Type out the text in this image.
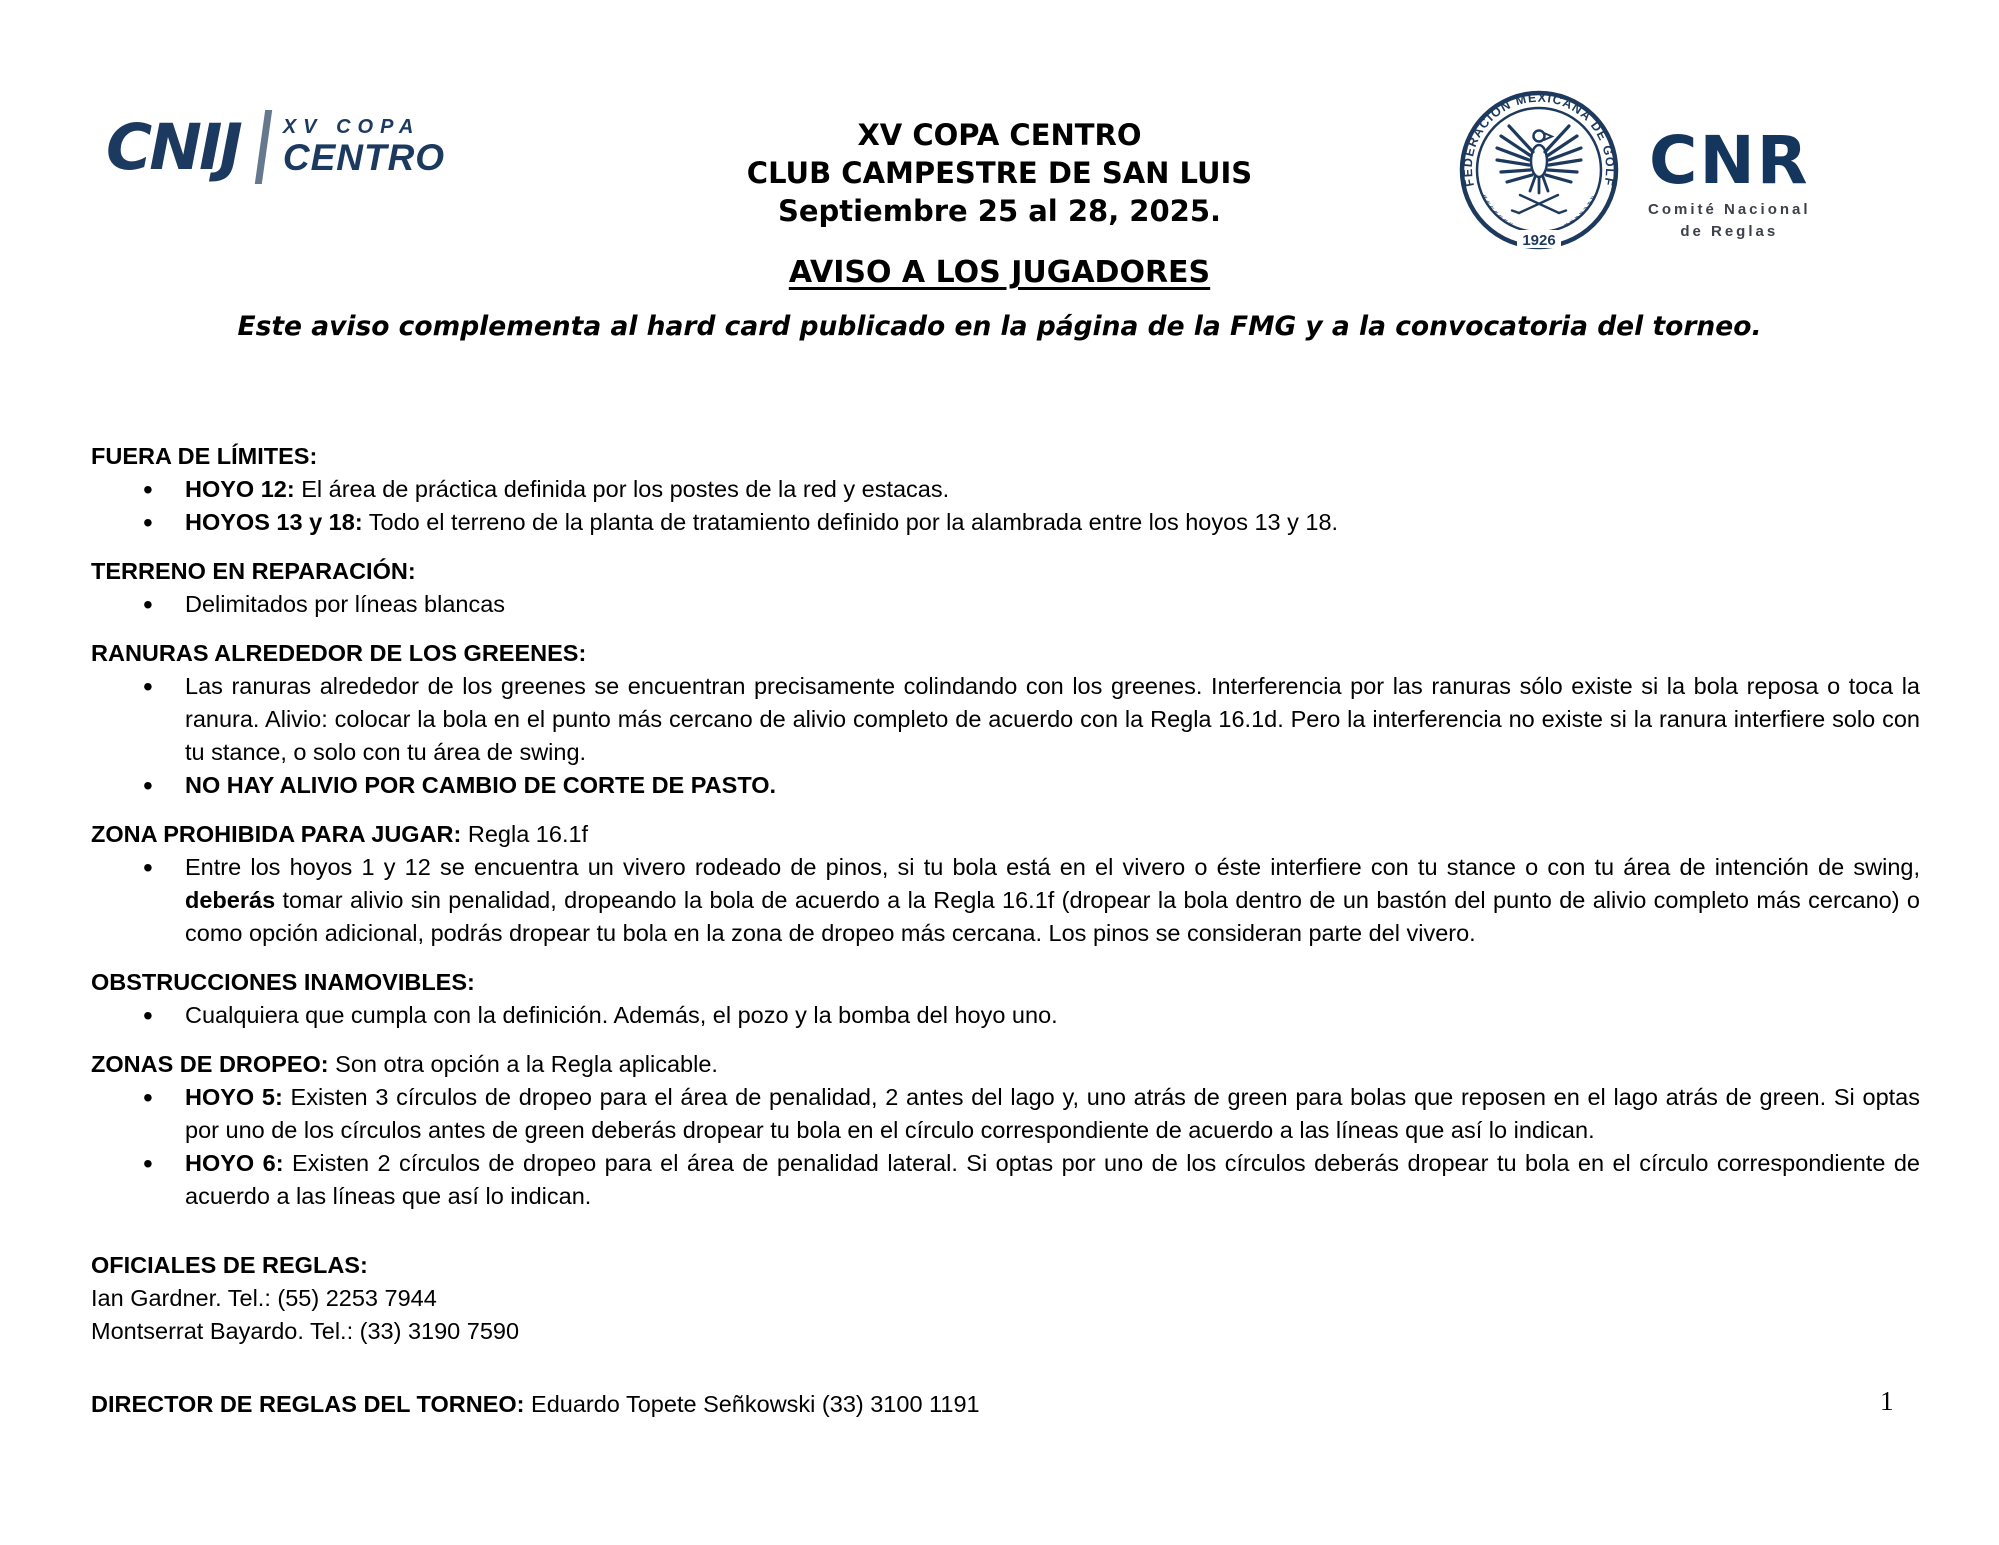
CNIJ XV COPA
CENTRO
XV COPA CENTRO
CLUB CAMPESTRE DE SAN LUIS
Septiembre 25 al 28, 2025.
FEDERACIÓN MEXICANA DE GOLF
«««««««	»»»»»»»
1926
CNR
Comité Nacional
de Reglas
AVISO A LOS JUGADORES
Este aviso complementa al hard card publicado en la página de la FMG y a la convocatoria del torneo.
FUERA DE LÍMITES:
• HOYO 12: El área de práctica definida por los postes de la red y estacas.
• HOYOS 13 y 18: Todo el terreno de la planta de tratamiento definido por la alambrada entre los hoyos 13 y 18.
TERRENO EN REPARACIÓN:
• Delimitados por líneas blancas
RANURAS ALREDEDOR DE LOS GREENES:
• Las ranuras alrededor de los greenes se encuentran precisamente colindando con los greenes. Interferencia por las ranuras sólo existe si la bola reposa o toca la ranura. Alivio: colocar la bola en el punto más cercano de alivio completo de acuerdo con la Regla 16.1d. Pero la interferencia no existe si la ranura interfiere solo con tu stance, o solo con tu área de swing.
• NO HAY ALIVIO POR CAMBIO DE CORTE DE PASTO.
ZONA PROHIBIDA PARA JUGAR: Regla 16.1f
• Entre los hoyos 1 y 12 se encuentra un vivero rodeado de pinos, si tu bola está en el vivero o éste interfiere con tu stance o con tu área de intención de swing, deberás tomar alivio sin penalidad, dropeando la bola de acuerdo a la Regla 16.1f (dropear la bola dentro de un bastón del punto de alivio completo más cercano) o como opción adicional, podrás dropear tu bola en la zona de dropeo más cercana. Los pinos se consideran parte del vivero.
OBSTRUCCIONES INAMOVIBLES:
• Cualquiera que cumpla con la definición. Además, el pozo y la bomba del hoyo uno.
ZONAS DE DROPEO: Son otra opción a la Regla aplicable.
• HOYO 5: Existen 3 círculos de dropeo para el área de penalidad, 2 antes del lago y, uno atrás de green para bolas que reposen en el lago atrás de green. Si optas por uno de los círculos antes de green deberás dropear tu bola en el círculo correspondiente de acuerdo a las líneas que así lo indican.
• HOYO 6: Existen 2 círculos de dropeo para el área de penalidad lateral. Si optas por uno de los círculos deberás dropear tu bola en el círculo correspondiente de acuerdo a las líneas que así lo indican.
OFICIALES DE REGLAS:
Ian Gardner. Tel.: (55) 2253 7944
Montserrat Bayardo. Tel.: (33) 3190 7590
DIRECTOR DE REGLAS DEL TORNEO: Eduardo Topete Señkowski (33) 3100 1191	1
